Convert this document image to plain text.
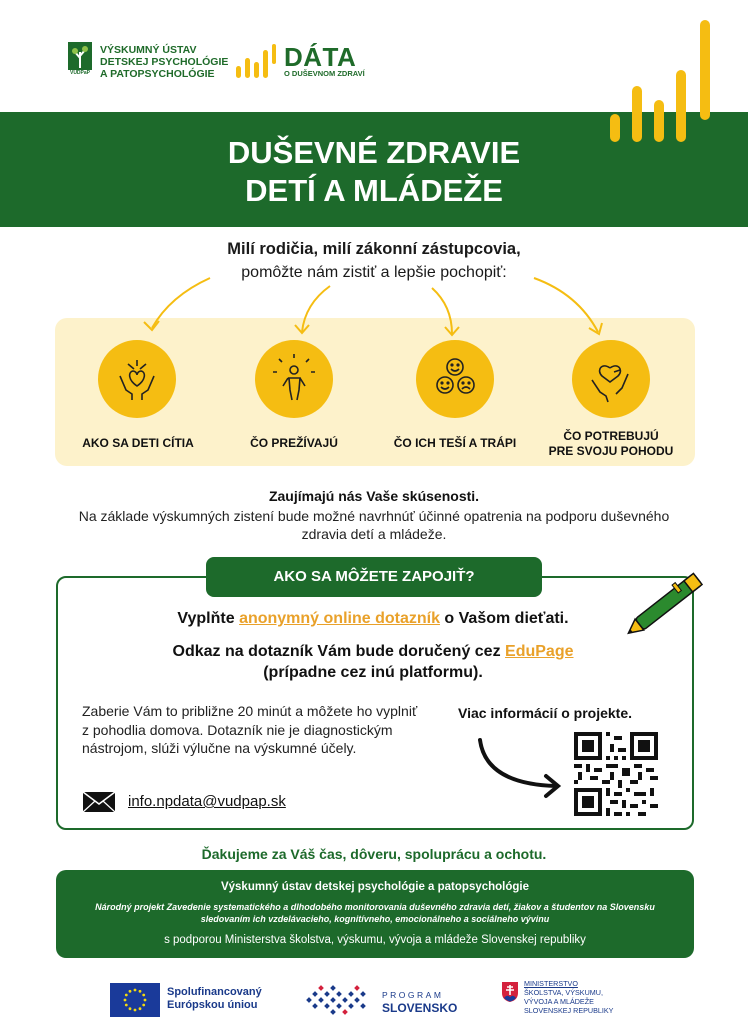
VÚDPaP
VÝSKUMNÝ ÚSTAV
DETSKEJ PSYCHOLÓGIE
A PATOPSYCHOLÓGIE
DÁTA
O DUŠEVNOM ZDRAVÍ
DUŠEVNÉ ZDRAVIE
DETÍ A MLÁDEŽE
Milí rodičia, milí zákonní zástupcovia,
pomôžte nám zistiť a lepšie pochopiť:
AKO SA DETI CÍTIA	ČO PREŽÍVAJÚ	ČO ICH TEŠÍ A TRÁPI	ČO POTREBUJÚ
PRE SVOJU POHODU
Zaujímajú nás Vaše skúsenosti.
Na základe výskumných zistení bude možné navrhnúť účinné opatrenia na podporu duševného zdravia detí a mládeže.
AKO SA MÔŽETE ZAPOJIŤ?
Vyplňte anonymný online dotazník o Vašom dieťati.
Odkaz na dotazník Vám bude doručený cez EduPage
(prípadne cez inú platformu).
Zaberie Vám to približne 20 minút a môžete ho vyplniť z pohodlia domova. Dotazník nie je diagnostickým nástrojom, slúži výlučne na výskumné účely.
info.npdata@vudpap.sk
Viac informácií o projekte.
Ďakujeme za Váš čas, dôveru, spoluprácu a ochotu.
Výskumný ústav detskej psychológie a patopsychológie
Národný projekt Zavedenie systematického a dlhodobého monitorovania duševného zdravia detí, žiakov a študentov na Slovensku sledovaním ich vzdelávacieho, kognitívneho, emocionálneho a sociálneho vývinu
s podporou Ministerstva školstva, výskumu, vývoja a mládeže Slovenskej republiky
Spolufinancovaný
Európskou úniou
PROGRAM
SLOVENSKO
MINISTERSTVO
ŠKOLSTVA, VÝSKUMU,
VÝVOJA A MLÁDEŽE
SLOVENSKEJ REPUBLIKY
